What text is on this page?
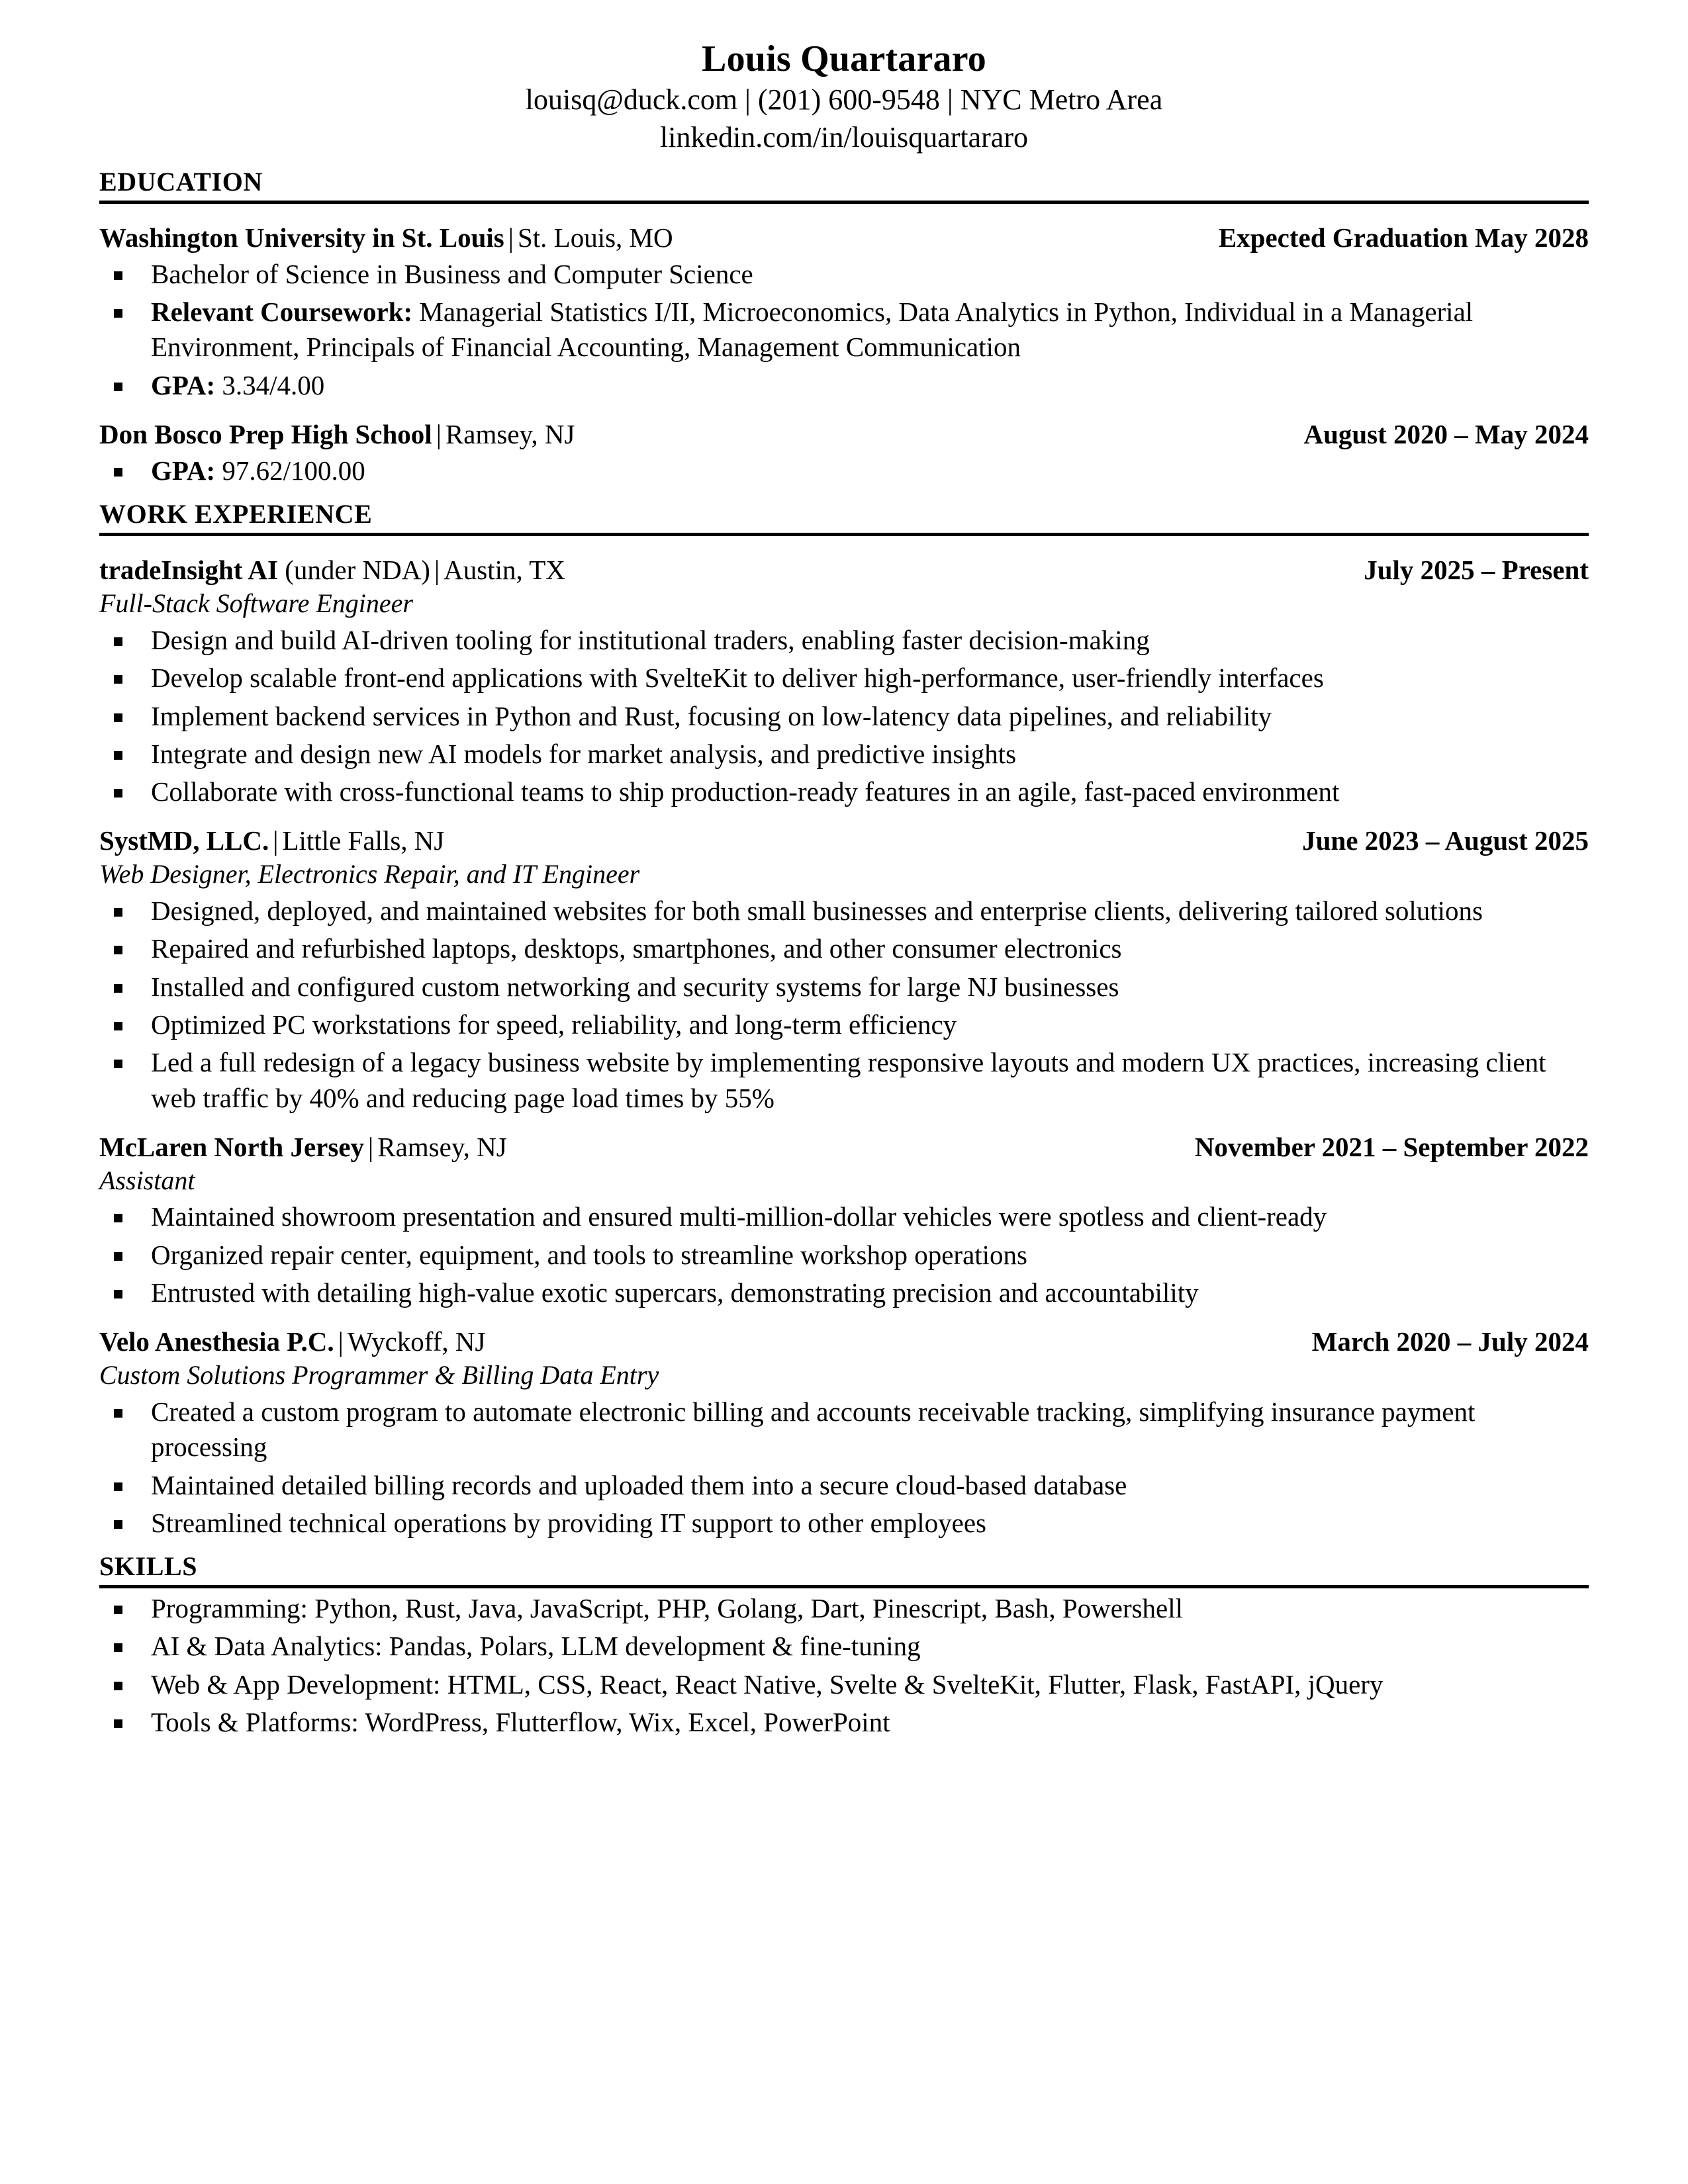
Louis Quartararo
louisq@duck.com | (201) 600-9548 | NYC Metro Area
linkedin.com/in/louisquartararo
EDUCATION
Washington University in St. Louis | St. Louis, MO	Expected Graduation May 2028
Bachelor of Science in Business and Computer Science
Relevant Coursework: Managerial Statistics I/II, Microeconomics, Data Analytics in Python, Individual in a Managerial Environment, Principals of Financial Accounting, Management Communication
GPA: 3.34/4.00
Don Bosco Prep High School | Ramsey, NJ	August 2020 – May 2024
GPA: 97.62/100.00
WORK EXPERIENCE
tradeInsight AI (under NDA) | Austin, TX	July 2025 – Present
Full-Stack Software Engineer
Design and build AI-driven tooling for institutional traders, enabling faster decision-making
Develop scalable front-end applications with SvelteKit to deliver high-performance, user-friendly interfaces
Implement backend services in Python and Rust, focusing on low-latency data pipelines, and reliability
Integrate and design new AI models for market analysis, and predictive insights
Collaborate with cross-functional teams to ship production-ready features in an agile, fast-paced environment
SystMD, LLC. | Little Falls, NJ	June 2023 – August 2025
Web Designer, Electronics Repair, and IT Engineer
Designed, deployed, and maintained websites for both small businesses and enterprise clients, delivering tailored solutions
Repaired and refurbished laptops, desktops, smartphones, and other consumer electronics
Installed and configured custom networking and security systems for large NJ businesses
Optimized PC workstations for speed, reliability, and long-term efficiency
Led a full redesign of a legacy business website by implementing responsive layouts and modern UX practices, increasing client web traffic by 40% and reducing page load times by 55%
McLaren North Jersey | Ramsey, NJ	November 2021 – September 2022
Assistant
Maintained showroom presentation and ensured multi-million-dollar vehicles were spotless and client-ready
Organized repair center, equipment, and tools to streamline workshop operations
Entrusted with detailing high-value exotic supercars, demonstrating precision and accountability
Velo Anesthesia P.C. | Wyckoff, NJ	March 2020 – July 2024
Custom Solutions Programmer & Billing Data Entry
Created a custom program to automate electronic billing and accounts receivable tracking, simplifying insurance payment processing
Maintained detailed billing records and uploaded them into a secure cloud-based database
Streamlined technical operations by providing IT support to other employees
SKILLS
Programming: Python, Rust, Java, JavaScript, PHP, Golang, Dart, Pinescript, Bash, Powershell
AI & Data Analytics: Pandas, Polars, LLM development & fine-tuning
Web & App Development: HTML, CSS, React, React Native, Svelte & SvelteKit, Flutter, Flask, FastAPI, jQuery
Tools & Platforms: WordPress, Flutterflow, Wix, Excel, PowerPoint
